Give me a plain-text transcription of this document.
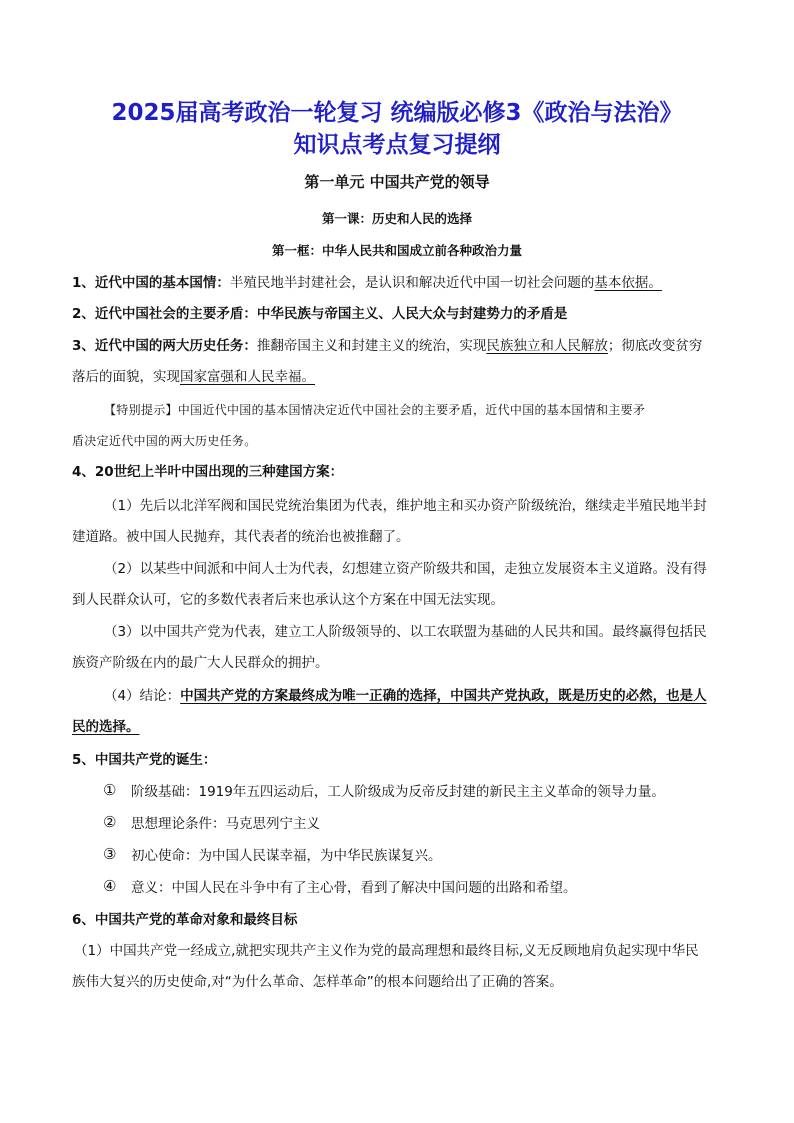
2025届高考政治一轮复习 统编版必修3《政治与法治》
知识点考点复习提纲
第一单元 中国共产党的领导
第一课：历史和人民的选择
第一框：中华人民共和国成立前各种政治力量
1、近代中国的基本国情：半殖民地半封建社会，是认识和解决近代中国一切社会问题的基本依据。
2、近代中国社会的主要矛盾：中华民族与帝国主义、人民大众与封建势力的矛盾是
3、近代中国的两大历史任务：推翻帝国主义和封建主义的统治，实现民族独立和人民解放；彻底改变贫穷
落后的面貌，实现国家富强和人民幸福。
【特别提示】中国近代中国的基本国情决定近代中国社会的主要矛盾，近代中国的基本国情和主要矛
盾决定近代中国的两大历史任务。
4、20世纪上半叶中国出现的三种建国方案：
（1）先后以北洋军阀和国民党统治集团为代表，维护地主和买办资产阶级统治，继续走半殖民地半封
建道路。被中国人民抛弃，其代表者的统治也被推翻了。
（2）以某些中间派和中间人士为代表，幻想建立资产阶级共和国，走独立发展资本主义道路。没有得
到人民群众认可，它的多数代表者后来也承认这个方案在中国无法实现。
（3）以中国共产党为代表，建立工人阶级领导的、以工农联盟为基础的人民共和国。最终赢得包括民
族资产阶级在内的最广大人民群众的拥护。
（4）结论：中国共产党的方案最终成为唯一正确的选择，中国共产党执政，既是历史的必然，也是人
民的选择。
5、中国共产党的诞生：
① 阶级基础：1919年五四运动后，工人阶级成为反帝反封建的新民主主义革命的领导力量。
② 思想理论条件：马克思列宁主义
③ 初心使命：为中国人民谋幸福，为中华民族谋复兴。
④ 意义：中国人民在斗争中有了主心骨，看到了解决中国问题的出路和希望。
6、中国共产党的革命对象和最终目标
（1）中国共产党一经成立,就把实现共产主义作为党的最高理想和最终目标,义无反顾地肩负起实现中华民
族伟大复兴的历史使命,对“为什么革命、怎样革命”的根本问题给出了正确的答案。
